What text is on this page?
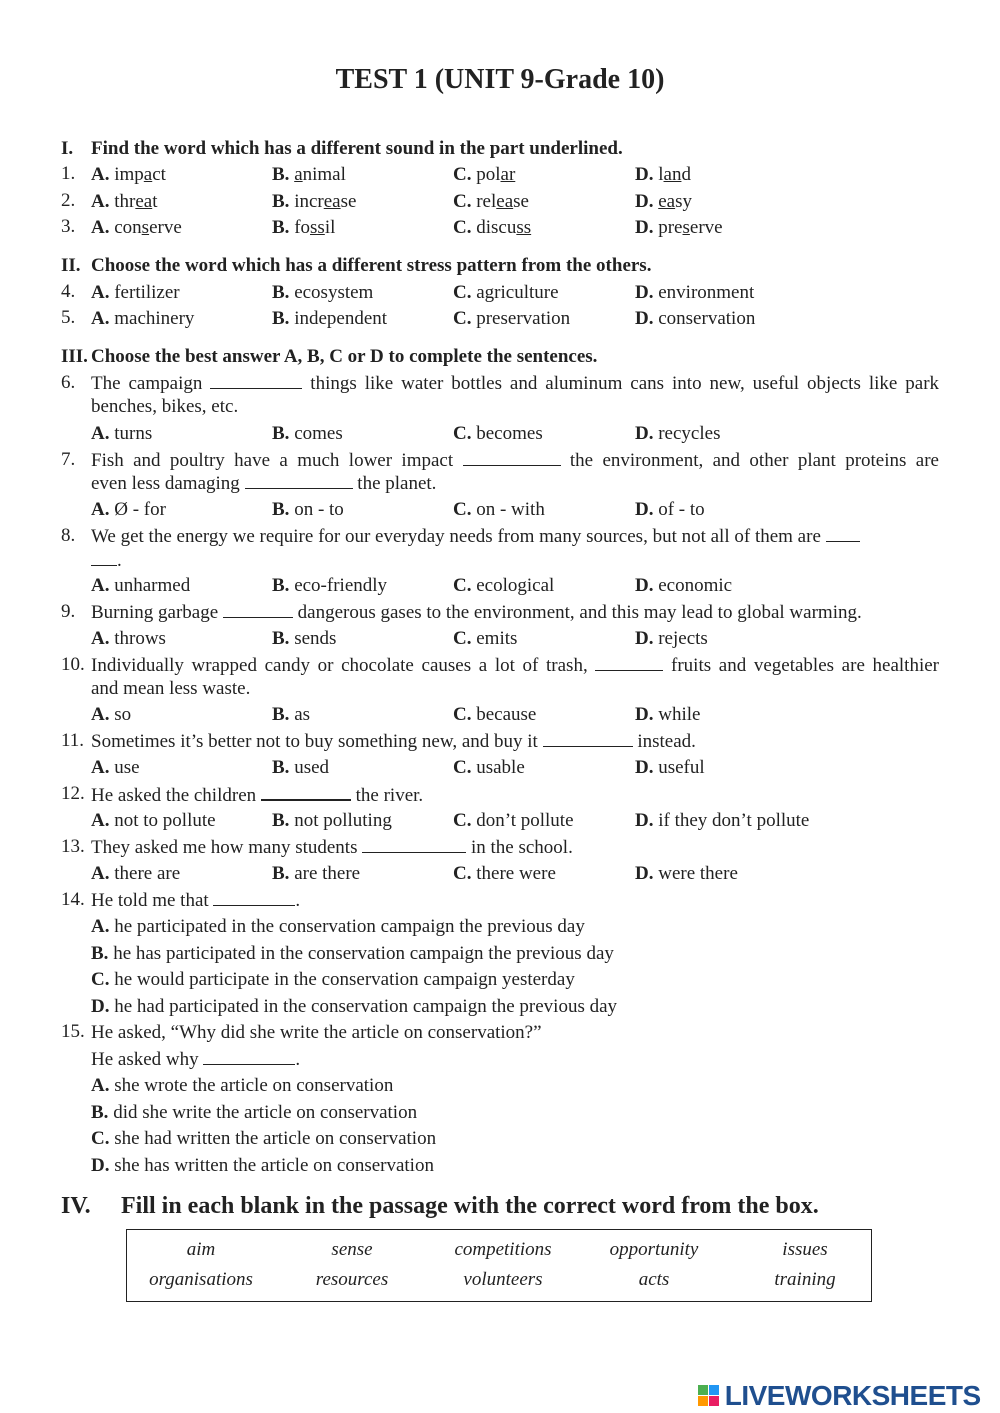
TEST 1 (UNIT 9-Grade 10)
I. Find the word which has a different sound in the part underlined.
1. A. impact	B. animal	C. polar	D. land
2. A. threat	B. increase	C. release	D. easy
3. A. conserve	B. fossil	C. discuss	D. preserve
II. Choose the word which has a different stress pattern from the others.
4. A. fertilizer	B. ecosystem	C. agriculture	D. environment
5. A. machinery	B. independent	C. preservation	D. conservation
III. Choose the best answer A, B, C or D to complete the sentences.
6. The campaign	things like water bottles and aluminum cans into new, useful objects like park
benches, bikes, etc.
A. turns	B. comes	C. becomes	D. recycles
7. Fish and poultry have a much lower impact	the environment, and other plant proteins are
even less damaging	the planet.
A. Ø - for	B. on - to	C. on - with	D. of - to
8. We get the energy we require for our everyday needs from many sources, but not all of them are
.
A. unharmed	B. eco-friendly	C. ecological	D. economic
9. Burning garbage	dangerous gases to the environment, and this may lead to global warming.
A. throws	B. sends	C. emits	D. rejects
10. Individually wrapped candy or chocolate causes a lot of trash,	fruits and vegetables are healthier
and mean less waste.
A. so	B. as	C. because	D. while
11. Sometimes it’s better not to buy something new, and buy it	instead.
A. use	B. used	C. usable	D. useful
12. He asked the children	the river.
A. not to pollute	B. not polluting	C. don’t pollute	D. if they don’t pollute
13. They asked me how many students	in the school.
A. there are	B. are there	C. there were	D. were there
14. He told me that	.
A. he participated in the conservation campaign the previous day
B. he has participated in the conservation campaign the previous day
C. he would participate in the conservation campaign yesterday
D. he had participated in the conservation campaign the previous day
15. He asked, “Why did she write the article on conservation?”
He asked why	.
A. she wrote the article on conservation
B. did she write the article on conservation
C. she had written the article on conservation
D. she has written the article on conservation
IV. Fill in each blank in the passage with the correct word from the box.
aim	sense	competitions	opportunity	issues
organisations	resources	volunteers	acts	training
LIVEWORKSHEETS
